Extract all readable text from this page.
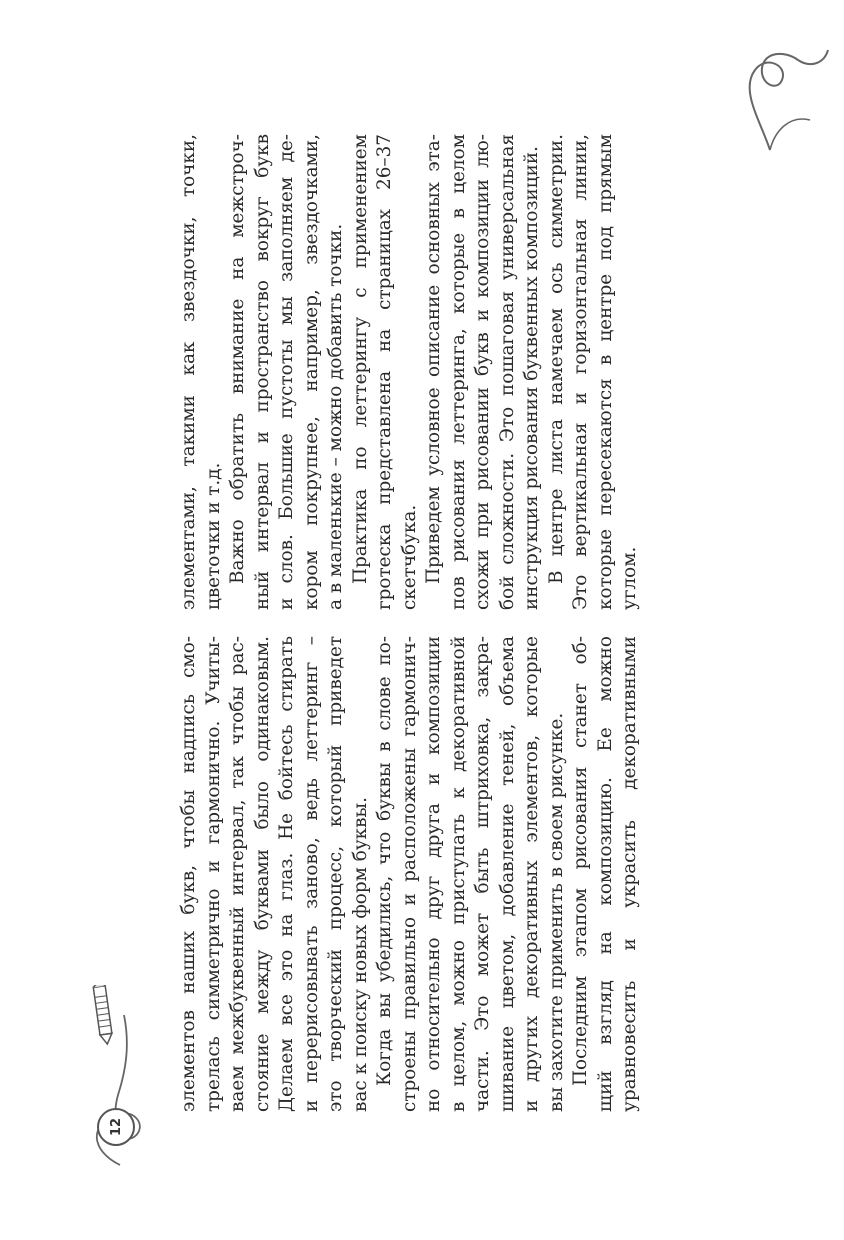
12

элементов наших букв, чтобы надпись смо- трелась симметрично и гармонично. Учиты- ваем межбуквенный интервал, так чтобы рас- стояние между буквами было одинаковым. Делаем все это на глаз. Не бойтесь стирать и перерисовывать заново, ведь леттеринг – это творческий процесс, который приведет вас к поиску новых форм буквы. Когда вы убедились, что буквы в слове по- строены правильно и расположены гармонич- но относительно друг друга и композиции в целом, можно приступать к декоративной части. Это может быть штриховка, закра- шивание цветом, добавление теней, объема и других декоративных элементов, которые вы захотите применить в своем рисунке. Последним этапом рисования станет об- щий взгляд на композицию. Ее можно уравновесить и украсить декоративными

элементами, такими как звездочки, точки, цветочки и т.д. Важно обратить внимание на межстроч- ный интервал и пространство вокруг букв и слов. Большие пустоты мы заполняем де- кором покрупнее, например, звездочками, а в маленькие – можно добавить точки. Практика по леттерингу с применением гротеска представлена на страницах 26–37 скетчбука. Приведем условное описание основных эта- пов рисования леттеринга, которые в целом схожи при рисовании букв и композиции лю- бой сложности. Это пошаговая универсальная инструкция рисования буквенных композиций. В центре листа намечаем ось симметрии. Это вертикальная и горизонтальная линии, которые пересекаются в центре под прямым углом.
